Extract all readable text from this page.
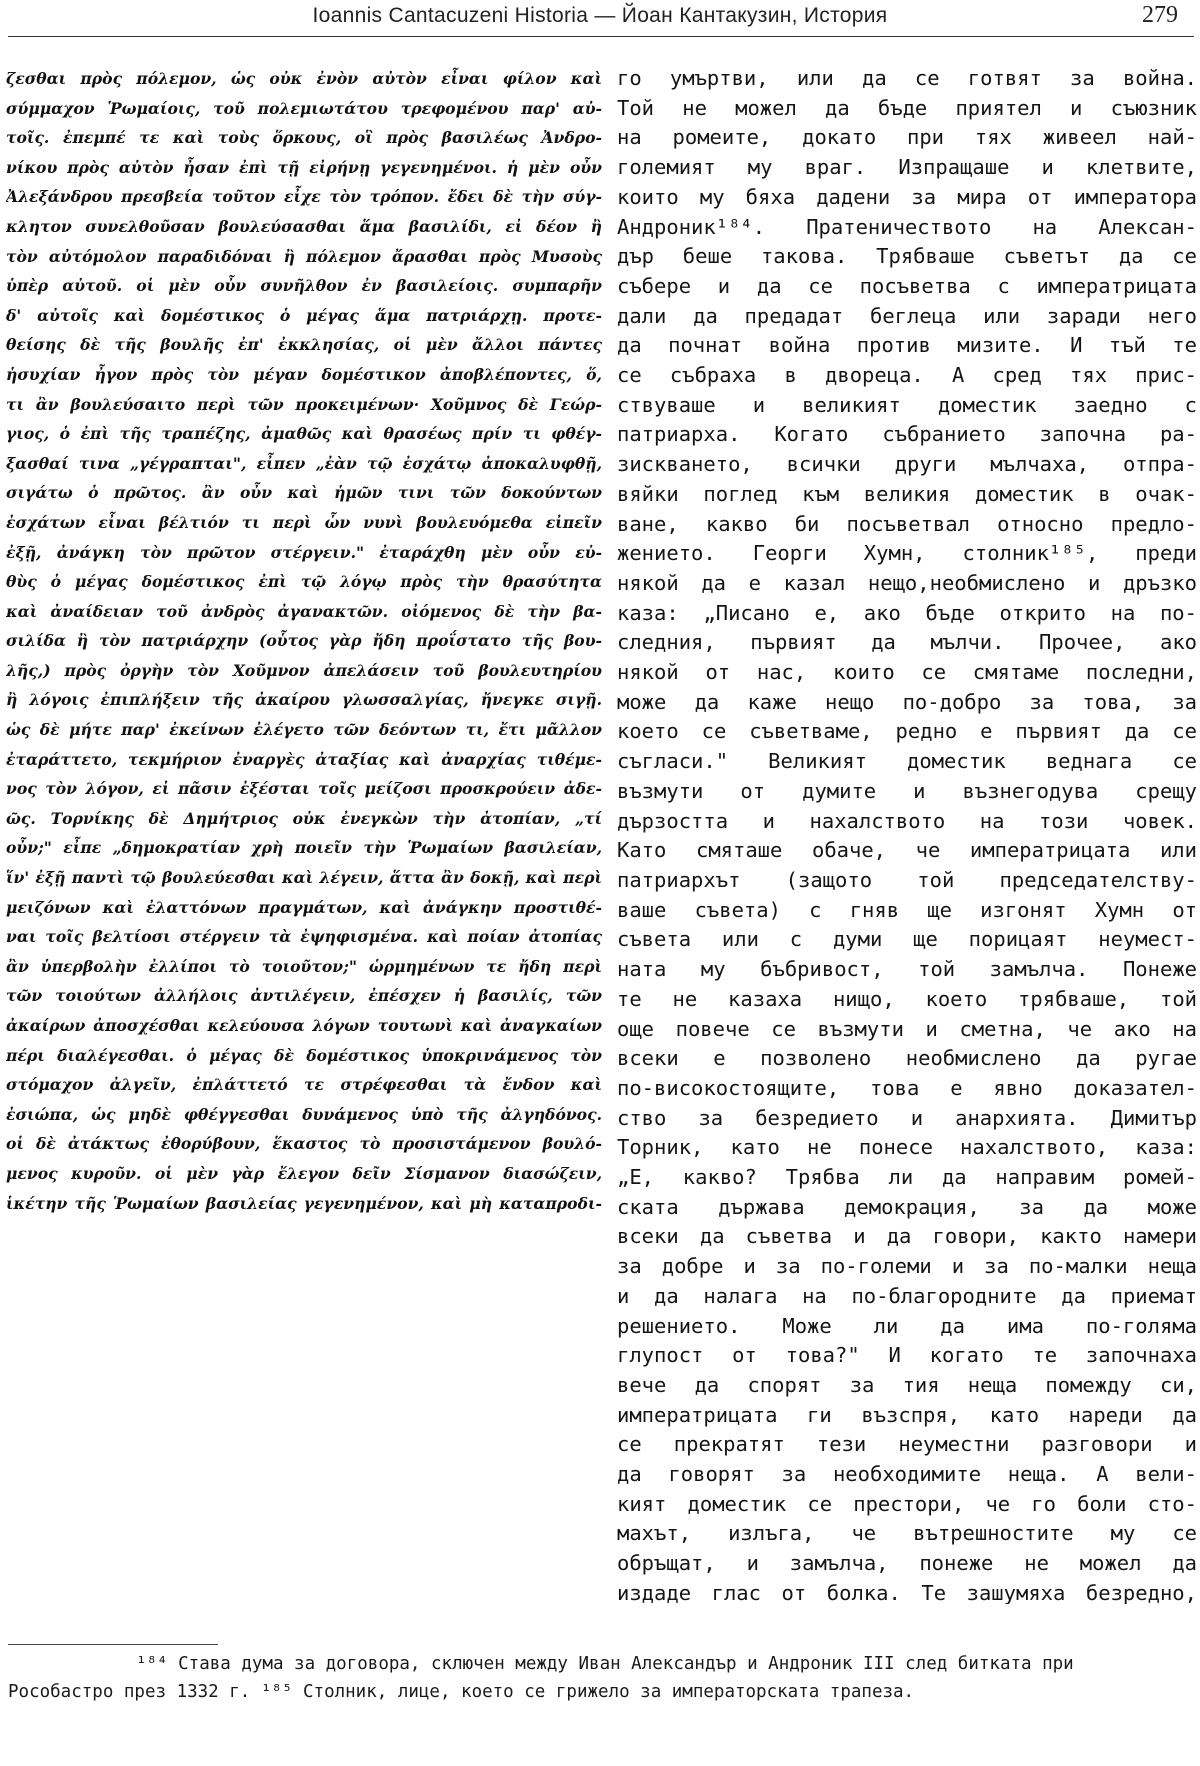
Ioannis Cantacuzeni Historia — Йоан Кантакузин, История	279
ζεσθαι πρὸς πόλεμον, ὡς οὐκ ἐνὸν αὐτὸν εἶναι φίλον καὶ
σύμμαχον Ῥωμαίοις, τοῦ πολεμιωτάτου τρεφομένου παρ' αὐ-
τοῖς. ἐπεμπέ τε καὶ τοὺς ὅρκους, οἳ πρὸς βασιλέως Ἀνδρο-
νίκου πρὸς αὐτὸν ἦσαν ἐπὶ τῇ εἰρήνῃ γεγενημένοι. ἡ μὲν οὖν
Ἀλεξάνδρου πρεσβεία τοῦτον εἶχε τὸν τρόπον. ἔδει δὲ τὴν σύγ-
κλητον συνελθοῦσαν βουλεύσασθαι ἅμα βασιλίδι, εἰ δέον ἢ
τὸν αὐτόμολον παραδιδόναι ἢ πόλεμον ἄρασθαι πρὸς Μυσοὺς
ὑπὲρ αὐτοῦ. οἱ μὲν οὖν συνῆλθον ἐν βασιλείοις. συμπαρῆν
δ' αὐτοῖς καὶ δομέστικος ὁ μέγας ἅμα πατριάρχῃ. προτε-
θείσης δὲ τῆς βουλῆς ἐπ' ἐκκλησίας, οἱ μὲν ἄλλοι πάντες
ἡσυχίαν ἦγον πρὸς τὸν μέγαν δομέστικον ἀποβλέποντες, ὅ,
τι ἂν βουλεύσαιτο περὶ τῶν προκειμένων· Χοῦμνος δὲ Γεώρ-
γιος, ὁ ἐπὶ τῆς τραπέζης, ἀμαθῶς καὶ θρασέως πρίν τι φθέγ-
ξασθαί τινα „γέγραπται", εἶπεν „ἐὰν τῷ ἐσχάτῳ ἀποκαλυφθῇ,
σιγάτω ὁ πρῶτος. ἂν οὖν καὶ ἡμῶν τινι τῶν δοκούντων
ἐσχάτων εἶναι βέλτιόν τι περὶ ὧν νυνὶ βουλευόμεθα εἰπεῖν
ἐξῇ, ἀνάγκη τὸν πρῶτον στέργειν." ἐταράχθη μὲν οὖν εὐ-
θὺς ὁ μέγας δομέστικος ἐπὶ τῷ λόγῳ πρὸς τὴν θρασύτητα
καὶ ἀναίδειαν τοῦ ἀνδρὸς ἀγανακτῶν. οἰόμενος δὲ τὴν βα-
σιλίδα ἢ τὸν πατριάρχην (οὗτος γὰρ ἤδη προΐστατο τῆς βου-
λῆς,) πρὸς ὀργὴν τὸν Χοῦμνον ἀπελάσειν τοῦ βουλευτηρίου
ἢ λόγοις ἐπιπλήξειν τῆς ἀκαίρου γλωσσαλγίας, ἤνεγκε σιγῇ.
ὡς δὲ μήτε παρ' ἐκείνων ἐλέγετο τῶν δεόντων τι, ἔτι μᾶλλον
ἐταράττετο, τεκμήριον ἐναργὲς ἀταξίας καὶ ἀναρχίας τιθέμε-
νος τὸν λόγον, εἰ πᾶσιν ἐξέσται τοῖς μείζοσι προσκρούειν ἀδε-
ῶς. Τορνίκης δὲ Δημήτριος οὐκ ἐνεγκὼν τὴν ἀτοπίαν, „τί
οὖν;" εἶπε „δημοκρατίαν χρὴ ποιεῖν τὴν Ῥωμαίων βασιλείαν,
ἵν' ἐξῇ παντὶ τῷ βουλεύεσθαι καὶ λέγειν, ἅττα ἂν δοκῇ, καὶ περὶ
μειζόνων καὶ ἐλαττόνων πραγμάτων, καὶ ἀνάγκην προστιθέ-
ναι τοῖς βελτίοσι στέργειν τὰ ἐψηφισμένα. καὶ ποίαν ἀτοπίας
ἂν ὑπερβολὴν ἐλλίποι τὸ τοιοῦτον;" ὡρμημένων τε ἤδη περὶ
τῶν τοιούτων ἀλλήλοις ἀντιλέγειν, ἐπέσχεν ἡ βασιλίς, τῶν
ἀκαίρων ἀποσχέσθαι κελεύουσα λόγων τουτωνὶ καὶ ἀναγκαίων
πέρι διαλέγεσθαι. ὁ μέγας δὲ δομέστικος ὑποκρινάμενος τὸν
στόμαχον ἀλγεῖν, ἐπλάττετό τε στρέφεσθαι τὰ ἔνδον καὶ
ἐσιώπα, ὡς μηδὲ φθέγγεσθαι δυνάμενος ὑπὸ τῆς ἀλγηδόνος.
οἱ δὲ ἀτάκτως ἐθορύβουν, ἕκαστος τὸ προσιστάμενον βουλό-
μενος κυροῦν. οἱ μὲν γὰρ ἔλεγον δεῖν Σίσμανον διασώζειν,
ἱκέτην τῆς Ῥωμαίων βασιλείας γεγενημένον, καὶ μὴ καταπροδι-
го умъртви, или да се готвят за война.
Той не можел да бъде приятел и съюзник
на ромеите, докато при тях живеел най-
големият му враг. Изпращаше и клетвите,
които му бяха дадени за мира от императора
Андроник¹⁸⁴. Пратеничеството на Алексан-
дър беше такова. Трябваше съветът да се
събере и да се посъветва с императрицата
дали да предадат беглеца или заради него
да почнат война против мизите. И тъй те
се събраха в двореца. А сред тях прис-
ствуваше и великият доместик заедно с
патриарха. Когато събранието започна ра-
зискването, всички други мълчаха, отпра-
вяйки поглед към великия доместик в очак-
ване, какво би посъветвал относно предло-
жението. Георги Хумн, столник¹⁸⁵, преди
някой да е казал нещо,необмислено и дръзко
каза: „Писано е, ако бъде открито на по-
следния, първият да мълчи. Прочее, ако
някой от нас, които се смятаме последни,
може да каже нещо по-добро за това, за
което се съветваме, редно е първият да се
съгласи." Великият доместик веднага се
възмути от думите и възнегодува срещу
дързостта и нахалството на този човек.
Като смяташе обаче, че императрицата или
патриархът (защото той председателству-
ваше съвета) с гняв ще изгонят Хумн от
съвета или с думи ще порицаят неумест-
ната му бъбривост, той замълча. Понеже
те не казаха нищо, което трябваше, той
още повече се възмути и сметна, че ако на
всеки е позволено необмислено да ругае
по-високостоящите, това е явно доказател-
ство за безредието и анархията. Димитър
Торник, като не понесе нахалството, каза:
„Е, какво? Трябва ли да направим ромей-
ската държава демокрация, за да може
всеки да съветва и да говори, както намери
за добре и за по-големи и за по-малки неща
и да налага на по-благородните да приемат
решението. Може ли да има по-голяма
глупост от това?" И когато те започнаха
вече да спорят за тия неща помежду си,
императрицата ги възспря, като нареди да
се прекратят тези неуместни разговори и
да говорят за необходимите неща. А вели-
кият доместик се престори, че го боли сто-
махът, излъга, че вътрешностите му се
обръщат, и замълча, понеже не можел да
издаде глас от болка. Те зашумяха безредно,
¹⁸⁴ Става дума за договора, сключен между Иван Александър и Андроник III след битката при
Рособастро през 1332 г. ¹⁸⁵ Столник, лице, което се грижело за императорската трапеза.
